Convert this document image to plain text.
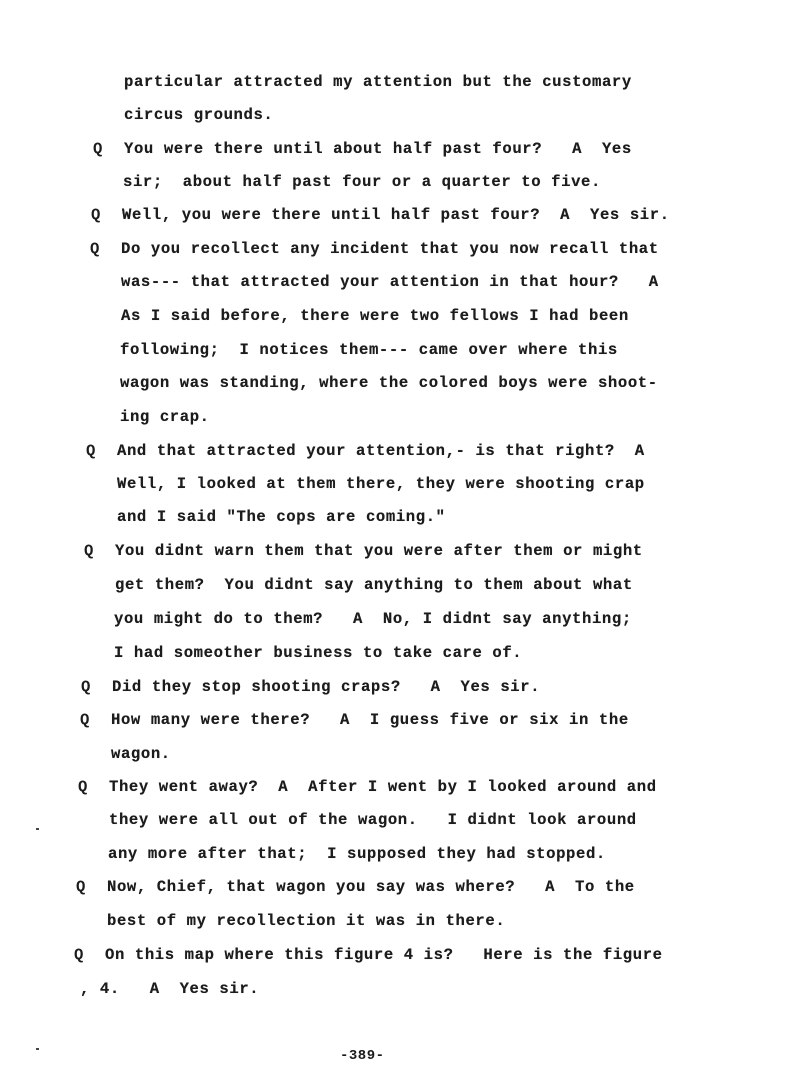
particular attracted my attention but the customary
circus grounds.
Q You were there until about half past four?   A  Yes
sir;  about half past four or a quarter to five.
Q Well, you were there until half past four?  A  Yes sir.
Q Do you recollect any incident that you now recall that
was--- that attracted your attention in that hour?   A
As I said before, there were two fellows I had been
following;  I notices them--- came over where this
wagon was standing, where the colored boys were shoot-
ing crap.
Q And that attracted your attention,- is that right?  A
Well, I looked at them there, they were shooting crap
and I said "The cops are coming."
Q You didnt warn them that you were after them or might
get them?  You didnt say anything to them about what
you might do to them?   A  No, I didnt say anything;
I had someother business to take care of.
Q Did they stop shooting craps?   A  Yes sir.
Q How many were there?   A  I guess five or six in the
wagon.
Q They went away?  A  After I went by I looked around and
they were all out of the wagon.   I didnt look around
any more after that;  I supposed they had stopped.
Q Now, Chief, that wagon you say was where?   A  To the
best of my recollection it was in there.
Q On this map where this figure 4 is?   Here is the figure
, 4.   A  Yes sir.
-389-
